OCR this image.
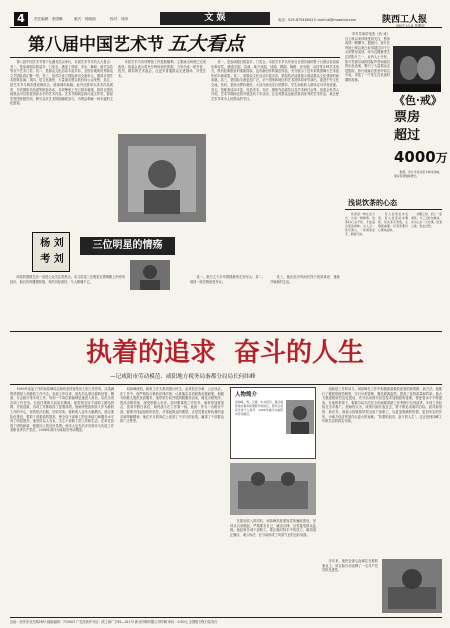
4	责任编辑：张国琳	版式：郭晓丽	校对：刘涛	文 娱	电话：029-87944843 E-mail:sb@mosaicw.com	陕西工人报
2007.11.8 星期四
第八届中国艺术节 五大看点
　　第八届中国艺术节将于在湖北武汉举行，本届艺术节共有五大看点：其一，是参演剧目数量多、门类全，涵盖了戏剧、音乐、舞蹈、曲艺杂技等各个艺术门类；其二，是群众文化活动丰富多彩，全国各地的优秀群众文艺团队将汇聚一堂；其三，是首次设立国际演出交流单元，邀请多国艺术团体参演；其四，是文化惠民，大量演出票以低价向公众发售；其五，是艺术节与城市建设相结合，展现城市新貌。此外还将举办美术作品展览、书法摄影作品展等配套活动，各项筹备工作已基本就绪，届时全国各地观众可以欣赏到高水平的艺术作品。艺术节期间还将评选文华奖、群星奖等国家级奖项，吸引众多艺术院团踊跃参与，为观众奉献一场丰盛的文化盛宴。
　　本届艺术节各项筹备工作进展顺利，主要演出场馆已完成改造。组委会表示将充分利用现有资源，力争办成一届节俭、热烈、精彩的艺术盛会，让更多普通群众走进剧场、享受艺术。
　　其一，是参演剧目数量多、门类全。本届艺术节共有来自全国各地的数十台剧目参加演出和评奖，涵盖京剧、昆曲、地方戏曲、话剧、歌剧、舞剧、音乐剧、杂技等多种艺术形式，既有经典剧目的重新排演，也有新创作的原创作品，充分展示了近年来我国舞台艺术创作的丰硕成果。其二，是群众文化活动丰富多彩，群星奖评选将展示基层群众文化建设的新成就。其三，是国际交流更加广泛，多个国家和地区的艺术团体将来华演出，促进中外文化交流。其四，是演出票价惠民，大部分演出实行低票价，学生和低收入群体还可享受优惠。其五，是配套活动丰富，包括美术、书法、摄影作品展览以及学术研讨会等。组委会负责人介绍，艺术节期间还将开展送戏下乡活动，让农村群众也能欣赏到优秀的艺术作品，真正使艺术节成为人民群众的节日。
　　李安导演的电影《色·戒》自上映以来持续受到关注，票房成绩一路攀升。据统计，该片在内地上映以来已取得超过四千万元的票房成绩，成为近期最受关注的影片之一。业内人士分析，影片凭借导演的国际声誉和演员的出色表演，吸引了大量观众走进影院。影片改编自张爱玲同名小说，讲述了一个发生在抗战时期的故事。
《色·戒》
票房
超过
4000万
　　据悉，该片还将在更多城市加映，票房有望继续增长。
浅说饮茶的心态
　　饮茶是一种生活方式，也是一种修养。饮茶时心态平和，才能品出茶的真味。古人云：茶可清心，一杯清茶在手，烦恼尽消。
　　有人饮茶追求名贵，有人饮茶追求雅致，其实茶无贵贱，心境最重要。好茶需要好心情来品味。
　　闲暇之时，泡上一壶清茶，与三五好友畅谈，实为人生一大乐事。饮茶之道，贵在自然。
杨 刘 考 刘
三位明星的情殇
　　明星的感情生活一直是公众关注的焦点。本文讲述三位明星在感情路上的坎坷经历，他们有的遭遇背叛，有的历经波折，令人唏嘘不已。
　　其一，她与丈夫多年感情最终走到尽头；其二，他因一段恋情备受争议。
　　其三，她在经历风雨后终于找到真爱，重新开始新的生活。
执着的追求  奋斗的人生
—记咸阳市劳动模范、咸阳地方税务局秦都分局局长何纬峰
　　1989年参加工作的何纬峰同志始终坚持奋发向上的工作作风，以饱满的热情投入到税收工作中去。参加工作以来，他先后从事过税收征管、稽查、计会统计等多项工作，每到一个岗位都能够迅速进入角色，出色完成各项工作任务。在担任秦都分局局长期间，他带领全局干部职工团结拼搏、开拓创新，各项工作都取得了显著成绩。他始终把组织收入作为税收工作的中心，坚持依法治税，应收尽收，税收收入连年大幅增长。他注重队伍建设，狠抓干部素质的提高，使全局干部职工的业务能力和服务水平有了明显提升。他坚持以人为本，关心干部职工的工作和生活，在单位营造了团结和谐、积极向上的良好氛围。他本人也先后多次被评为先进工作者和优秀共产党员，2006年被评为咸阳市劳动模范。
　　何纬峰深知，税收工作关系到国计民生，必须依法办事、公正执法。在工作中，他严格执行税收法律法规，认真落实各项税收优惠政策，积极为纳税人提供优质服务。他带领分局开展纳税服务活动，简化办税程序，提高办税效率，深受纳税人好评。面对繁重的工作任务，他常常加班加点，放弃节假日休息，始终战斗在工作第一线。他说：作为一名税务干部，就要对得起组织的信任，对得起群众的期望。正是凭着这种执着的追求和奉献精神，他在平凡的岗位上创造了不平凡的业绩，赢得了干部群众的广泛赞誉。
人物简介
何纬峰，男，汉族，中共党员，现任咸阳地方税务局秦都分局局长。曾多次荣获先进个人称号，2006年被评为咸阳市劳动模范。
　　在抓好收入的同时，何纬峰高度重视党风廉政建设，坚持从自身做起，严格要求自己，廉洁自律，自觉接受群众监督。他经常告诫干部职工，要正确对待手中的权力，做到清正廉洁、秉公执法，在分局形成了风清气正的良好局面。
　　创新是工作的动力。何纬峰在工作中积极探索税收征管的新思路、新方法。他推行了税收管理员制度，实行分类管理，强化税源监控，提高了征管质量和效率。他大力推进税收信息化建设，充分运用现代信息技术加强税收管理，使征管水平不断提高。在他的带领下，秦都分局多次在全市地税系统工作考核中名列前茅，多项工作经验在全市推广。他始终认为，成绩只能代表过去，要不断追求新的目标。面对新形势、新任务，他表示将继续带领全局干部职工，以更加饱满的热情、更加务实的作风，为地方经济发展作出更大的贡献。“执着的追求，奋斗的人生”，这正是何纬峰工作和生活的真实写照。
　　多年来，他把全部心血倾注在税收事业上，用实际行动诠释了一名共产党员的先进性。
社址：西安市北关路26号 邮政编码：710003 广告经营许可证：陕工商广字61—011号 新北印刷有限公司印刷 单价：0.50元 全国报刊发行局发行
